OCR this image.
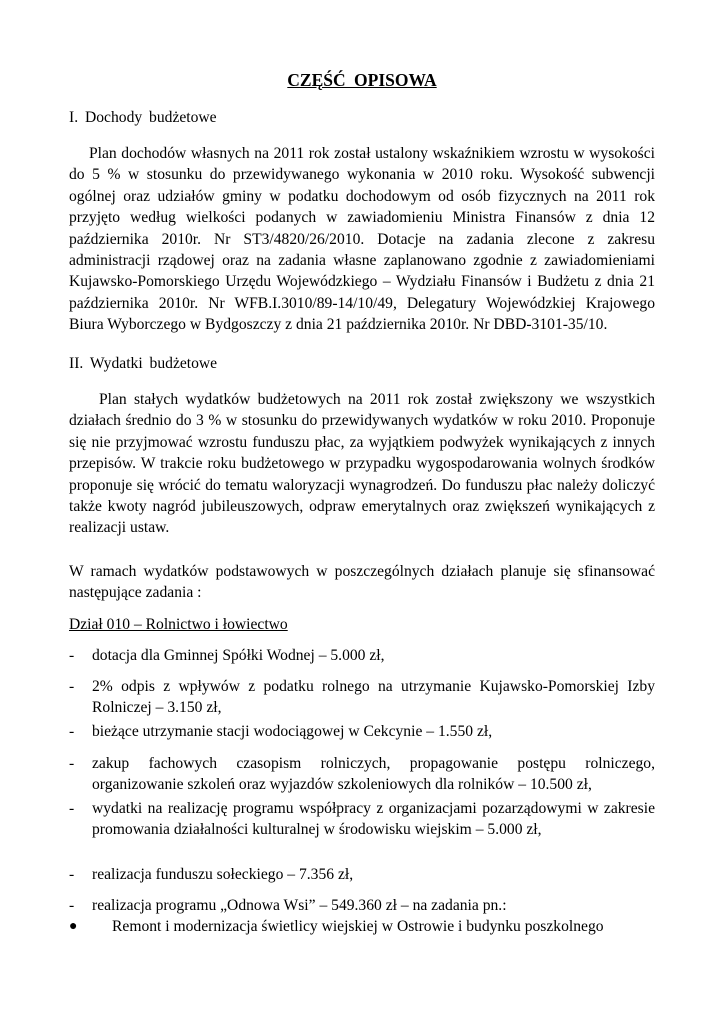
CZĘŚĆ OPISOWA
I. Dochody budżetowe
Plan dochodów własnych na 2011 rok został ustalony wskaźnikiem wzrostu w wysokości do 5 % w stosunku do przewidywanego wykonania w 2010 roku. Wysokość subwencji ogólnej oraz udziałów gminy w podatku dochodowym od osób fizycznych na 2011 rok przyjęto według wielkości podanych w zawiadomieniu Ministra Finansów z dnia 12 października 2010r. Nr ST3/4820/26/2010. Dotacje na zadania zlecone z zakresu administracji rządowej oraz na zadania własne zaplanowano zgodnie z zawiadomieniami Kujawsko-Pomorskiego Urzędu Wojewódzkiego – Wydziału Finansów i Budżetu z dnia 21 października 2010r. Nr WFB.I.3010/89-14/10/49, Delegatury Wojewódzkiej Krajowego Biura Wyborczego w Bydgoszczy z dnia 21 października 2010r. Nr DBD-3101-35/10.
II. Wydatki budżetowe
Plan stałych wydatków budżetowych na 2011 rok został zwiększony we wszystkich działach średnio do 3 % w stosunku do przewidywanych wydatków w roku 2010. Proponuje się nie przyjmować wzrostu funduszu płac, za wyjątkiem podwyżek wynikających z innych przepisów. W trakcie roku budżetowego w przypadku wygospodarowania wolnych środków proponuje się wrócić do tematu waloryzacji wynagrodzeń. Do funduszu płac należy doliczyć także kwoty nagród jubileuszowych, odpraw emerytalnych oraz zwiększeń wynikających z realizacji ustaw.
W ramach wydatków podstawowych w poszczególnych działach planuje się sfinansować następujące zadania :
Dział 010 – Rolnictwo i łowiectwo
-	dotacja dla Gminnej Spółki Wodnej – 5.000 zł,
-	2% odpis z wpływów z podatku rolnego na utrzymanie Kujawsko-Pomorskiej Izby Rolniczej – 3.150 zł,
-	bieżące utrzymanie stacji wodociągowej w Cekcynie – 1.550 zł,
-	zakup fachowych czasopism rolniczych, propagowanie postępu rolniczego, organizowanie szkoleń oraz wyjazdów szkoleniowych dla rolników – 10.500 zł,
-	wydatki na realizację programu współpracy z organizacjami pozarządowymi w zakresie promowania działalności kulturalnej w środowisku wiejskim – 5.000 zł,
-	realizacja funduszu sołeckiego – 7.356 zł,
-	realizacja programu „Odnowa Wsi” – 549.360 zł – na zadania pn.:
●	Remont i modernizacja świetlicy wiejskiej w Ostrowie i budynku poszkolnego
